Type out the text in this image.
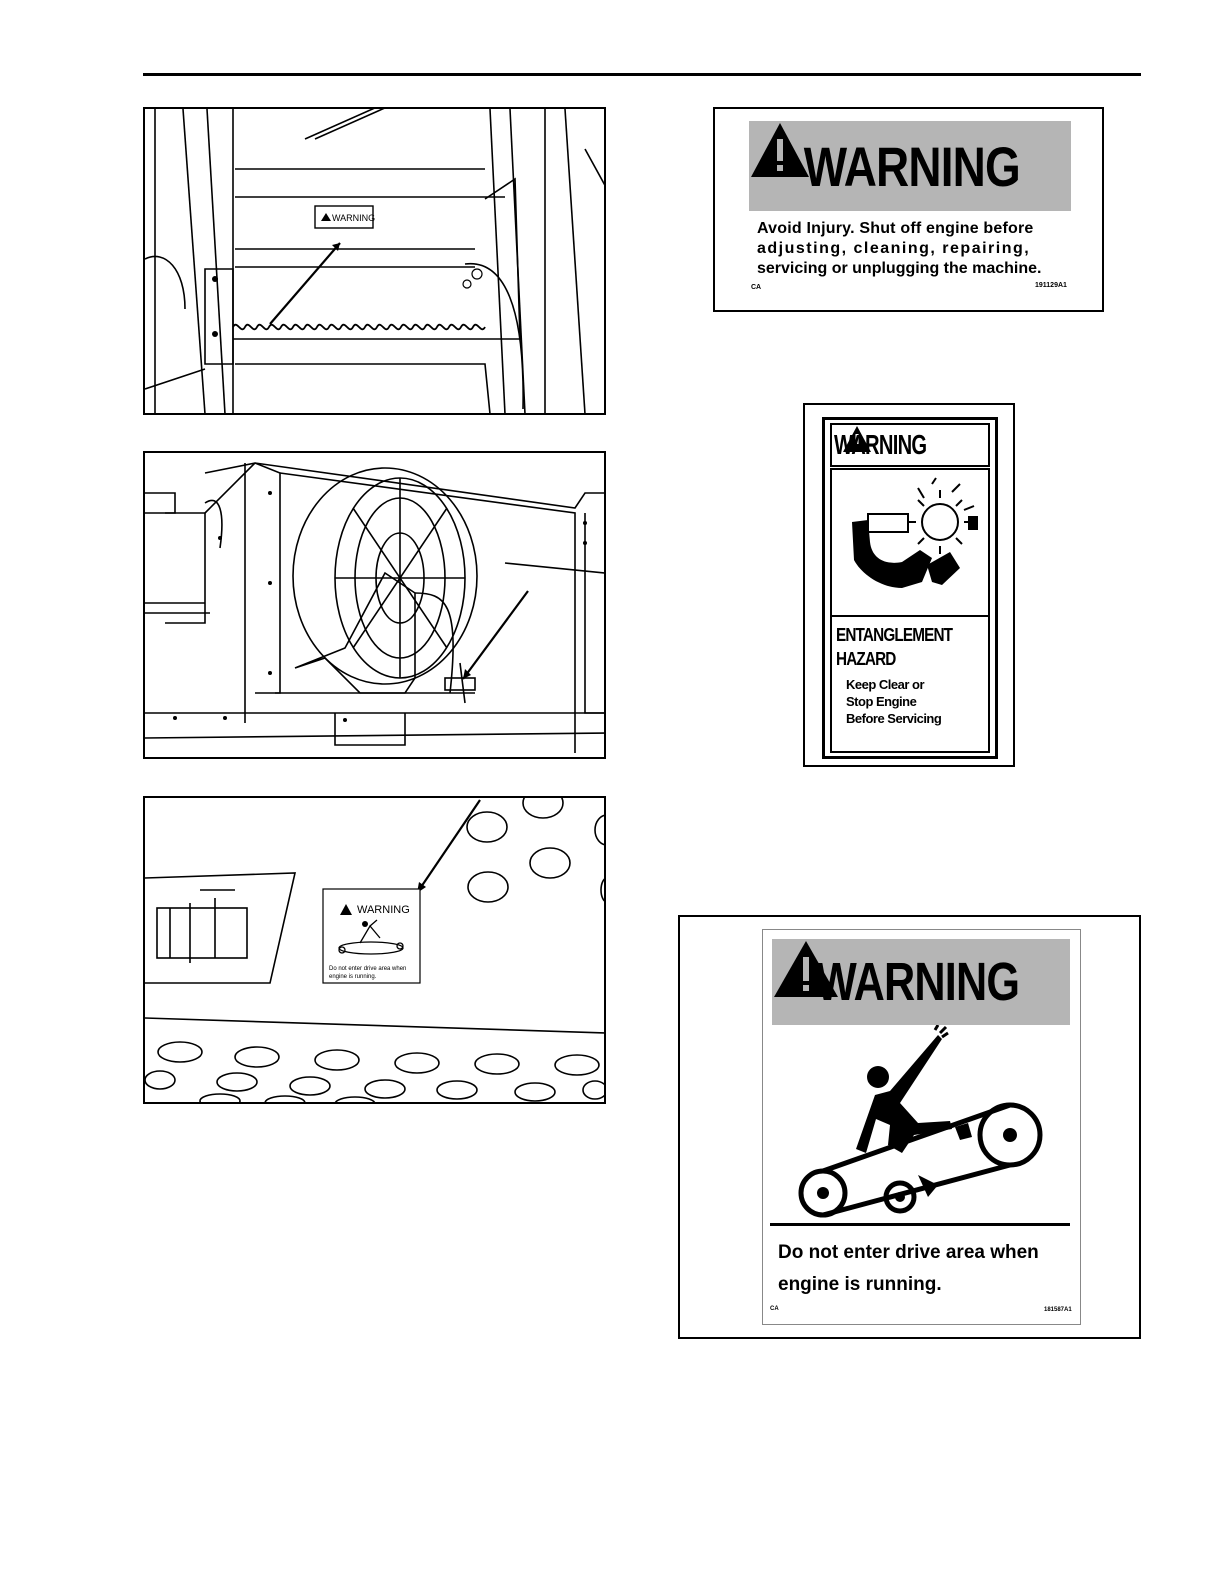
WARNING
WARNING
Do not enter drive area when
engine is running.
WARNING
Avoid Injury. Shut off engine before
adjusting, cleaning, repairing,
servicing or unplugging the machine.
CA	191129A1
WARNING
ENTANGLEMENT
HAZARD
Keep Clear or
Stop Engine
Before Servicing
WARNING
Do not enter drive area when
engine is running.
CA	181587A1
